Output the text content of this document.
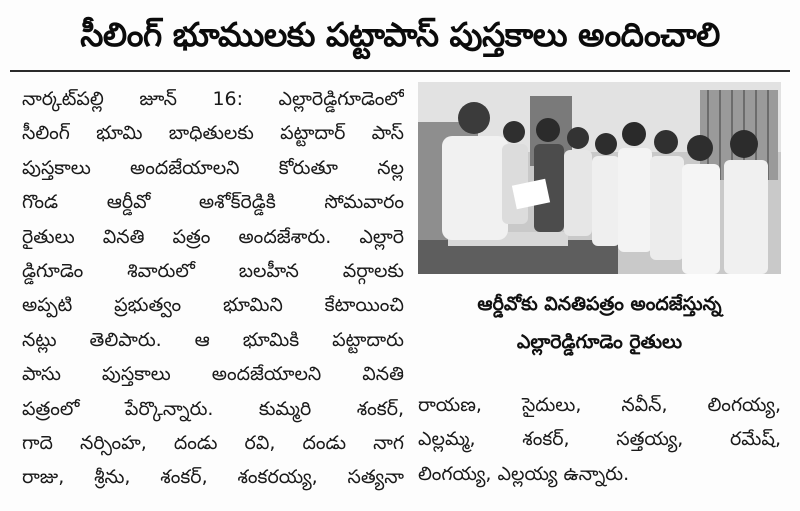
సీలింగ్ భూములకు పట్టాపాస్ పుస్తకాలు అందించాలి
నార్కట్‌పల్లి జూన్ 16: ఎల్లారెడ్డిగూడెంలో
సీలింగ్ భూమి బాధితులకు పట్టాదార్ పాస్
పుస్తకాలు అందజేయాలని కోరుతూ నల్ల
గొండ ఆర్డీవో అశోక్‌రెడ్డికి సోమవారం
రైతులు వినతి పత్రం అందజేశారు. ఎల్లారె
డ్డిగూడెం శివారులో బలహీన వర్గాలకు
అప్పటి ప్రభుత్వం భూమిని కేటాయించి
నట్లు తెలిపారు. ఆ భూమికి పట్టాదారు
పాసు పుస్తకాలు అందజేయాలని వినతి
పత్రంలో పేర్కొన్నారు. కుమ్మరి శంకర్,
గాదె నర్సింహ, దండు రవి, దండు నాగ
రాజు, శ్రీను, శంకర్, శంకరయ్య, సత్యనా
ఆర్డీవోకు వినతిపత్రం అందజేస్తున్న
ఎల్లారెడ్డిగూడెం రైతులు
రాయణ, సైదులు, నవీన్, లింగయ్య,
ఎల్లమ్మ, శంకర్, సత్తయ్య, రమేష్,
లింగయ్య, ఎల్లయ్య ఉన్నారు.
